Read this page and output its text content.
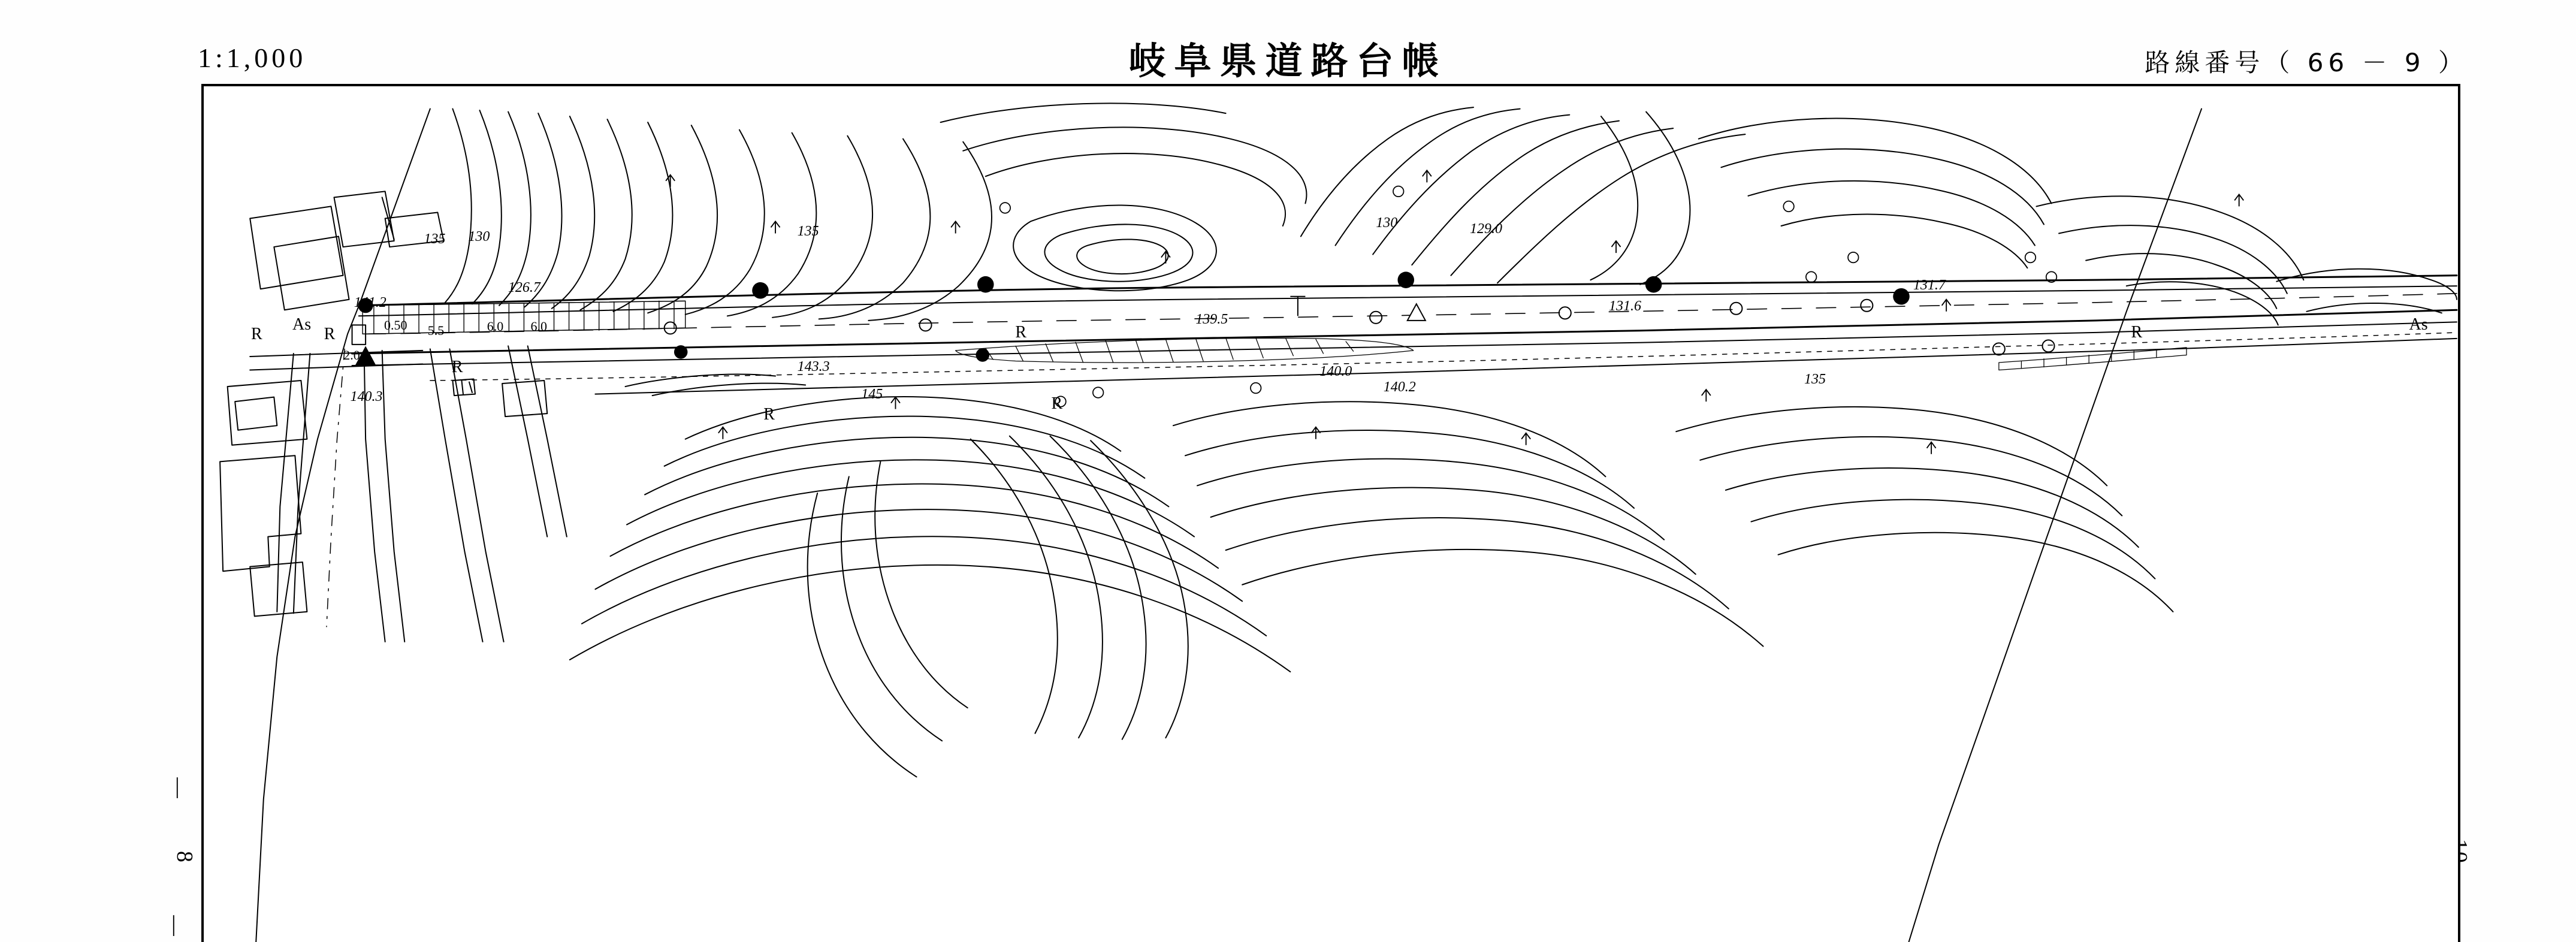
1:1,000	岐阜県道路台帳	路線番号（ 66 － 9 ）
|
8
|
As	As
R	R	R	R
R
R
R
141.2
126.7
135 130	135
130	129.0
131.7
131.6
139.5
143.3	140.0
140.2
145
135
140.3
5.5	6.0 6.0
2.0
0.50
